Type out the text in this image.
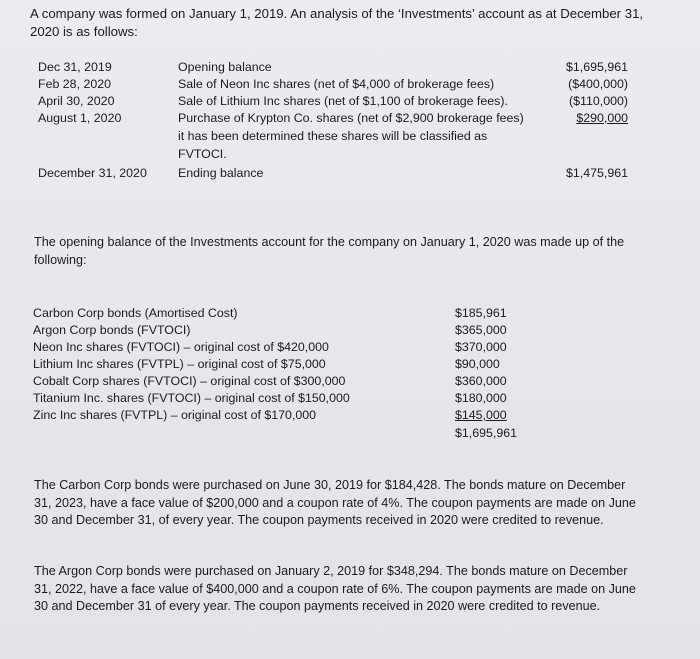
A company was formed on January 1, 2019. An analysis of the ‘Investments’ account as at December 31, 2020 is as follows:
Dec 31, 2019	Opening balance	$1,695,961
Feb 28, 2020	Sale of Neon Inc shares (net of $4,000 of brokerage fees)	($400,000)
April 30, 2020	Sale of Lithium Inc shares (net of $1,100 of brokerage fees).	($110,000)
August 1, 2020	Purchase of Krypton Co. shares (net of $2,900 brokerage fees)	$290,000
it has been determined these shares will be classified as
FVTOCI.
December 31, 2020	Ending balance	$1,475,961
The opening balance of the Investments account for the company on January 1, 2020 was made up of the following:
Carbon Corp bonds (Amortised Cost)	$185,961
Argon Corp bonds (FVTOCI)	$365,000
Neon Inc shares (FVTOCI) – original cost of $420,000	$370,000
Lithium Inc shares (FVTPL) – original cost of $75,000	$90,000
Cobalt Corp shares (FVTOCI) – original cost of $300,000	$360,000
Titanium Inc. shares (FVTOCI) – original cost of $150,000	$180,000
Zinc Inc shares (FVTPL) – original cost of $170,000	$145,000
$1,695,961
The Carbon Corp bonds were purchased on June 30, 2019 for $184,428. The bonds mature on December 31, 2023, have a face value of $200,000 and a coupon rate of 4%. The coupon payments are made on June 30 and December 31, of every year. The coupon payments received in 2020 were credited to revenue.
The Argon Corp bonds were purchased on January 2, 2019 for $348,294. The bonds mature on December 31, 2022, have a face value of $400,000 and a coupon rate of 6%. The coupon payments are made on June 30 and December 31 of every year. The coupon payments received in 2020 were credited to revenue.
